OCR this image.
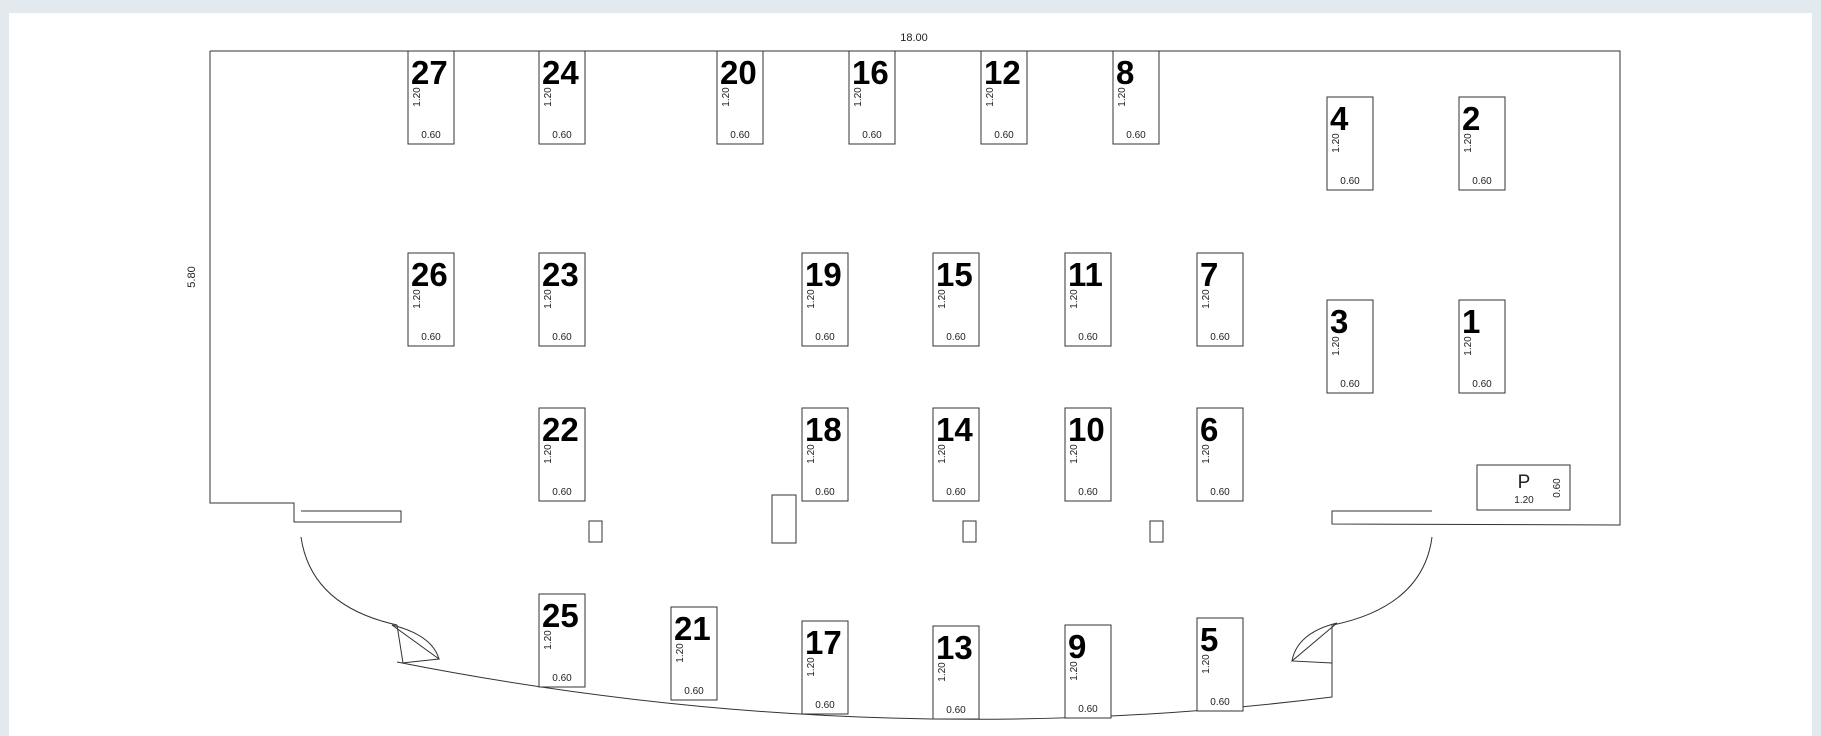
18.00
5.80
27
1.20
0.60
24
1.20
0.60
20
1.20
0.60
16
1.20
0.60
12
1.20
0.60
8
1.20
0.60	4
1.20
0.60
2
1.20
0.60
26
1.20
0.60
23
1.20
0.60
19
1.20
0.60
15
1.20
0.60
11
1.20
0.60
7
1.20
0.60	3
1.20
0.60
1
1.20
0.60
22
1.20
0.60
18
1.20
0.60
14
1.20
0.60
10
1.20
0.60
6
1.20
0.60
25
1.20
0.60
21
1.20
0.60
17
1.20
0.60
13
1.20
0.60
9
1.20
0.60
5
1.20
0.60
P
1.20
0.60
